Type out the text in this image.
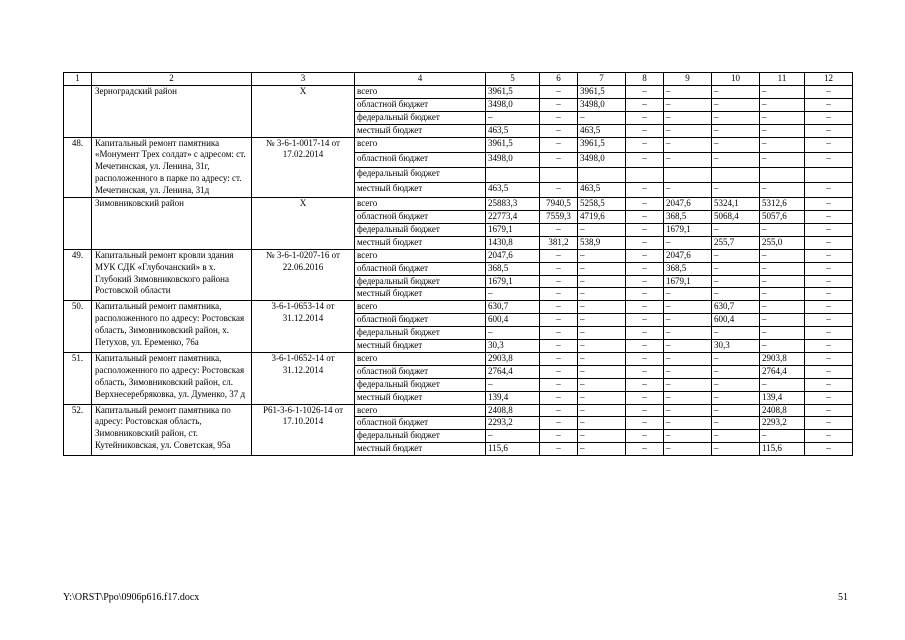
1	2	3	4	5	6	7	8	9	10	11	12
	Зерноградский район	Х	всего	3961,5	–	3961,5	–	–	–	–	–
			областной бюджет	3498,0	–	3498,0	–	–	–	–	–
			федеральный бюджет	–	–	–	–	–	–	–	–
			местный бюджет	463,5	–	463,5	–	–	–	–	–
48.	Капитальный ремонт памятника «Монумент Трех солдат» с адресом: ст. Мечетинская, ул. Ленина, 31г, расположенного в парке по адресу: ст. Мечетинская, ул. Ленина, 31д	№ 3-6-1-0017-14 от 17.02.2014	всего	3961,5	–	3961,5	–	–	–	–	–
			областной бюджет	3498,0	–	3498,0	–	–	–	–	–
			федеральный бюджет								
			местный бюджет	463,5	–	463,5	–	–	–	–	–
	Зимовниковский район	Х	всего	25883,3	7940,5	5258,5	–	2047,6	5324,1	5312,6	–
			областной бюджет	22773,4	7559,3	4719,6	–	368,5	5068,4	5057,6	–
			федеральный бюджет	1679,1	–	–	–	1679,1	–	–	–
			местный бюджет	1430,8	381,2	538,9	–	–	255,7	255,0	–
49.	Капитальный ремонт кровли здания МУК СДК «Глубочанский» в х. Глубокий Зимовниковского района Ростовской области	№ 3-6-1-0207-16 от 22.06.2016	всего	2047,6	–	–	–	2047,6	–	–	–
			областной бюджет	368,5	–	–	–	368,5	–	–	–
			федеральный бюджет	1679,1	–	–	–	1679,1	–	–	–
			местный бюджет	–	–	–	–	–	–	–	–
50.	Капитальный ремонт памятника, расположенного по адресу: Ростовская область, Зимовниковский район, х. Петухов, ул. Еременко, 76а	3-6-1-0653-14 от 31.12.2014	всего	630,7	–	–	–	–	630,7	–	–
			областной бюджет	600,4	–	–	–	–	600,4	–	–
			федеральный бюджет	–	–	–	–	–	–	–	–
			местный бюджет	30,3	–	–	–	–	30,3	–	–
51.	Капитальный ремонт памятника, расположенного по адресу: Ростовская область, Зимовниковский район, сл. Верхнесеребряковка, ул. Думенко, 37 д	3-6-1-0652-14 от 31.12.2014	всего	2903,8	–	–	–	–	–	2903,8	–
			областной бюджет	2764,4	–	–	–	–	–	2764,4	–
			федеральный бюджет	–	–	–	–	–	–	–	–
			местный бюджет	139,4	–	–	–	–	–	139,4	–
52.	Капитальный ремонт памятника по адресу: Ростовская область, Зимовниковский район, ст. Кутейниковская, ул. Советская, 95а	Р61-3-6-1-1026-14 от 17.10.2014	всего	2408,8	–	–	–	–	–	2408,8	–
			областной бюджет	2293,2	–	–	–	–	–	2293,2	–
			федеральный бюджет	–	–	–	–	–	–	–	–
			местный бюджет	115,6	–	–	–	–	–	115,6	–
Y:\ORST\Ppo\0906p616.f17.docx	51
